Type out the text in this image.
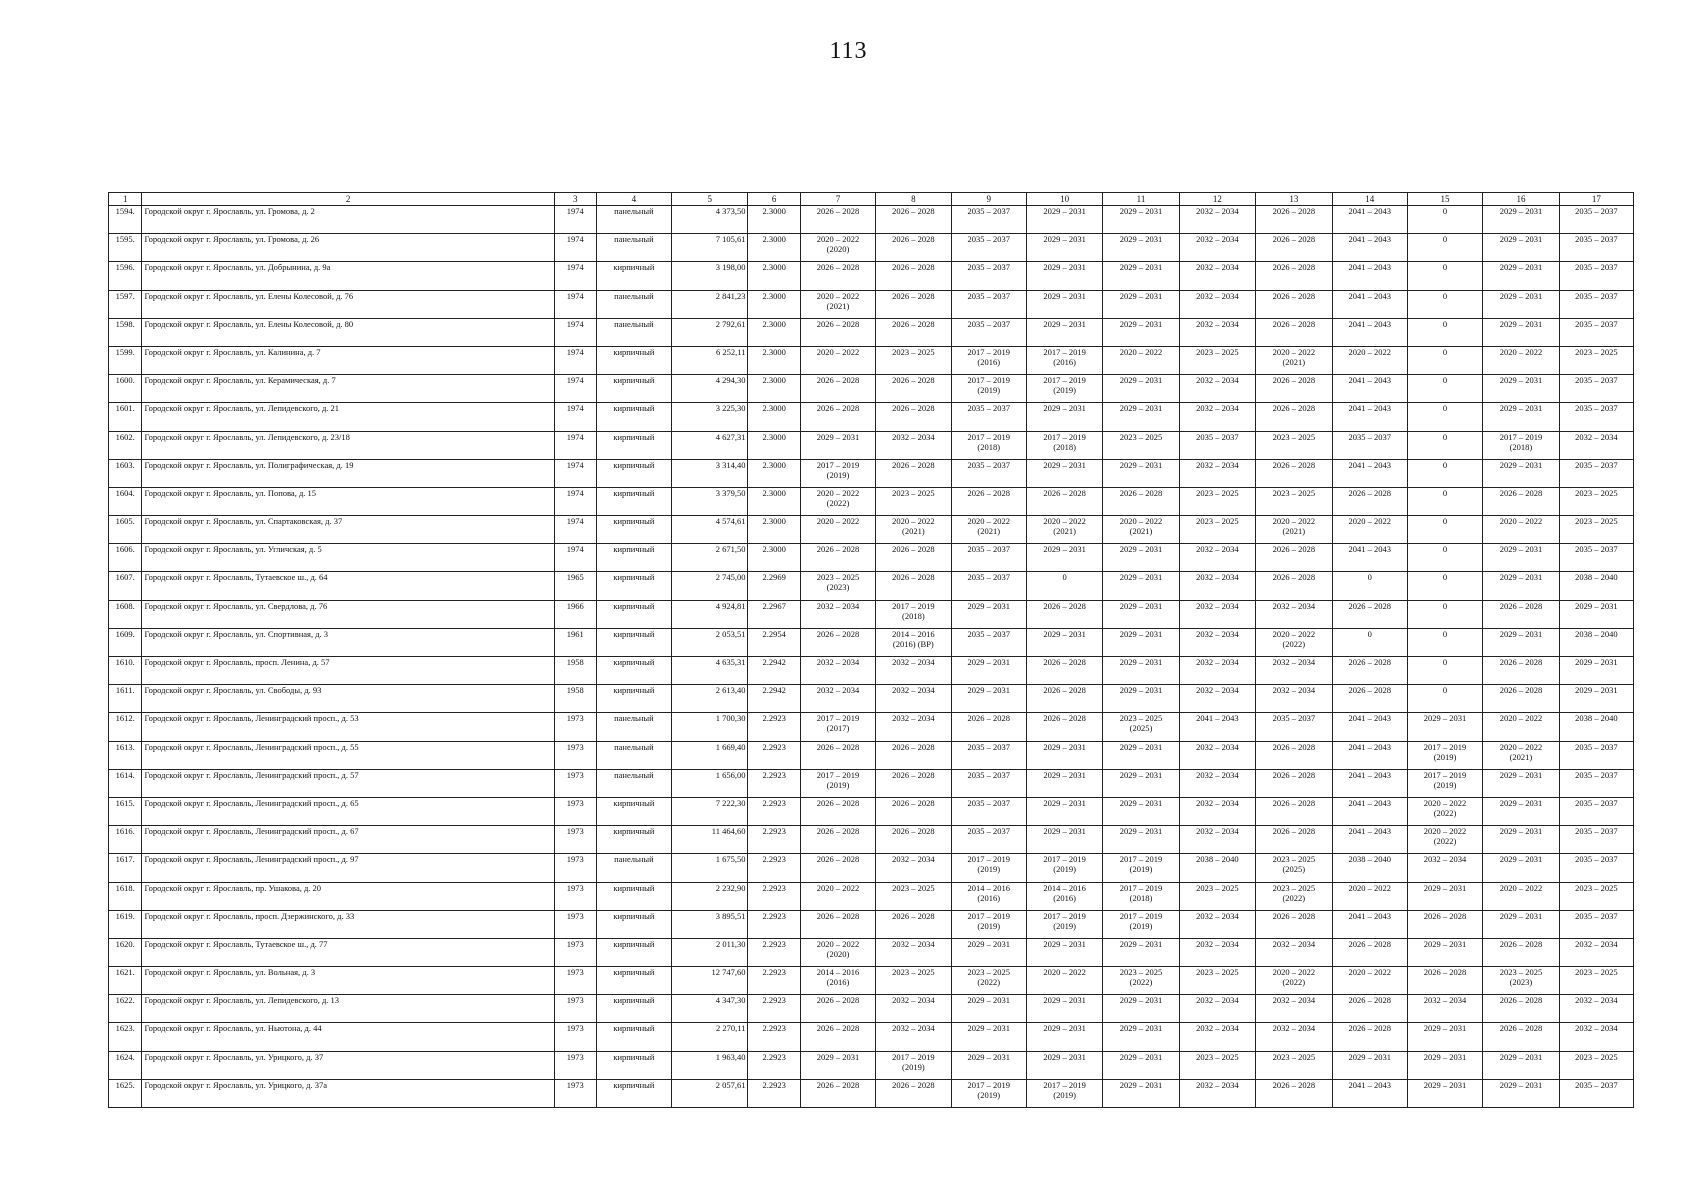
113
1	2	3	4	5	6	7	8	9	10	11	12	13	14	15	16	17
1594.	Городской округ г. Ярославль, ул. Громова, д. 2	1974	панельный	4 373,50	2.3000	2026 – 2028	2026 – 2028	2035 – 2037	2029 – 2031	2029 – 2031	2032 – 2034	2026 – 2028	2041 – 2043	0	2029 – 2031	2035 – 2037
1595.	Городской округ г. Ярославль, ул. Громова, д. 26	1974	панельный	7 105,61	2.3000	2020 – 2022
(2020)	2026 – 2028	2035 – 2037	2029 – 2031	2029 – 2031	2032 – 2034	2026 – 2028	2041 – 2043	0	2029 – 2031	2035 – 2037
1596.	Городской округ г. Ярославль, ул. Добрынина, д. 9а	1974	кирпичный	3 198,00	2.3000	2026 – 2028	2026 – 2028	2035 – 2037	2029 – 2031	2029 – 2031	2032 – 2034	2026 – 2028	2041 – 2043	0	2029 – 2031	2035 – 2037
1597.	Городской округ г. Ярославль, ул. Елены Колесовой, д. 76	1974	панельный	2 841,23	2.3000	2020 – 2022
(2021)	2026 – 2028	2035 – 2037	2029 – 2031	2029 – 2031	2032 – 2034	2026 – 2028	2041 – 2043	0	2029 – 2031	2035 – 2037
1598.	Городской округ г. Ярославль, ул. Елены Колесовой, д. 80	1974	панельный	2 792,61	2.3000	2026 – 2028	2026 – 2028	2035 – 2037	2029 – 2031	2029 – 2031	2032 – 2034	2026 – 2028	2041 – 2043	0	2029 – 2031	2035 – 2037
1599.	Городской округ г. Ярославль, ул. Калинина, д. 7	1974	кирпичный	6 252,11	2.3000	2020 – 2022	2023 – 2025	2017 – 2019
(2016)	2017 – 2019
(2016)	2020 – 2022	2023 – 2025	2020 – 2022
(2021)	2020 – 2022	0	2020 – 2022	2023 – 2025
1600.	Городской округ г. Ярославль, ул. Керамическая, д. 7	1974	кирпичный	4 294,30	2.3000	2026 – 2028	2026 – 2028	2017 – 2019
(2019)	2017 – 2019
(2019)	2029 – 2031	2032 – 2034	2026 – 2028	2041 – 2043	0	2029 – 2031	2035 – 2037
1601.	Городской округ г. Ярославль, ул. Лепидевского, д. 21	1974	кирпичный	3 225,30	2.3000	2026 – 2028	2026 – 2028	2035 – 2037	2029 – 2031	2029 – 2031	2032 – 2034	2026 – 2028	2041 – 2043	0	2029 – 2031	2035 – 2037
1602.	Городской округ г. Ярославль, ул. Лепидевского, д. 23/18	1974	кирпичный	4 627,31	2.3000	2029 – 2031	2032 – 2034	2017 – 2019
(2018)	2017 – 2019
(2018)	2023 – 2025	2035 – 2037	2023 – 2025	2035 – 2037	0	2017 – 2019
(2018)	2032 – 2034
1603.	Городской округ г. Ярославль, ул. Полиграфическая, д. 19	1974	кирпичный	3 314,40	2.3000	2017 – 2019
(2019)	2026 – 2028	2035 – 2037	2029 – 2031	2029 – 2031	2032 – 2034	2026 – 2028	2041 – 2043	0	2029 – 2031	2035 – 2037
1604.	Городской округ г. Ярославль, ул. Попова, д. 15	1974	кирпичный	3 379,50	2.3000	2020 – 2022
(2022)	2023 – 2025	2026 – 2028	2026 – 2028	2026 – 2028	2023 – 2025	2023 – 2025	2026 – 2028	0	2026 – 2028	2023 – 2025
1605.	Городской округ г. Ярославль, ул. Спартаковская, д. 37	1974	кирпичный	4 574,61	2.3000	2020 – 2022	2020 – 2022
(2021)	2020 – 2022
(2021)	2020 – 2022
(2021)	2020 – 2022
(2021)	2023 – 2025	2020 – 2022
(2021)	2020 – 2022	0	2020 – 2022	2023 – 2025
1606.	Городской округ г. Ярославль, ул. Угличская, д. 5	1974	кирпичный	2 671,50	2.3000	2026 – 2028	2026 – 2028	2035 – 2037	2029 – 2031	2029 – 2031	2032 – 2034	2026 – 2028	2041 – 2043	0	2029 – 2031	2035 – 2037
1607.	Городской округ г. Ярославль, Тутаевское ш., д. 64	1965	кирпичный	2 745,00	2.2969	2023 – 2025
(2023)	2026 – 2028	2035 – 2037	0	2029 – 2031	2032 – 2034	2026 – 2028	0	0	2029 – 2031	2038 – 2040
1608.	Городской округ г. Ярославль, ул. Свердлова, д. 76	1966	кирпичный	4 924,81	2.2967	2032 – 2034	2017 – 2019
(2018)	2029 – 2031	2026 – 2028	2029 – 2031	2032 – 2034	2032 – 2034	2026 – 2028	0	2026 – 2028	2029 – 2031
1609.	Городской округ г. Ярославль, ул. Спортивная, д. 3	1961	кирпичный	2 053,51	2.2954	2026 – 2028	2014 – 2016
(2016) (ВР)	2035 – 2037	2029 – 2031	2029 – 2031	2032 – 2034	2020 – 2022
(2022)	0	0	2029 – 2031	2038 – 2040
1610.	Городской округ г. Ярославль, просп. Ленина, д. 57	1958	кирпичный	4 635,31	2.2942	2032 – 2034	2032 – 2034	2029 – 2031	2026 – 2028	2029 – 2031	2032 – 2034	2032 – 2034	2026 – 2028	0	2026 – 2028	2029 – 2031
1611.	Городской округ г. Ярославль, ул. Свободы, д. 93	1958	кирпичный	2 613,40	2.2942	2032 – 2034	2032 – 2034	2029 – 2031	2026 – 2028	2029 – 2031	2032 – 2034	2032 – 2034	2026 – 2028	0	2026 – 2028	2029 – 2031
1612.	Городской округ г. Ярославль, Ленинградский просп., д. 53	1973	панельный	1 700,30	2.2923	2017 – 2019
(2017)	2032 – 2034	2026 – 2028	2026 – 2028	2023 – 2025
(2025)	2041 – 2043	2035 – 2037	2041 – 2043	2029 – 2031	2020 – 2022	2038 – 2040
1613.	Городской округ г. Ярославль, Ленинградский просп., д. 55	1973	панельный	1 669,40	2.2923	2026 – 2028	2026 – 2028	2035 – 2037	2029 – 2031	2029 – 2031	2032 – 2034	2026 – 2028	2041 – 2043	2017 – 2019
(2019)	2020 – 2022
(2021)	2035 – 2037
1614.	Городской округ г. Ярославль, Ленинградский просп., д. 57	1973	панельный	1 656,00	2.2923	2017 – 2019
(2019)	2026 – 2028	2035 – 2037	2029 – 2031	2029 – 2031	2032 – 2034	2026 – 2028	2041 – 2043	2017 – 2019
(2019)	2029 – 2031	2035 – 2037
1615.	Городской округ г. Ярославль, Ленинградский просп., д. 65	1973	кирпичный	7 222,30	2.2923	2026 – 2028	2026 – 2028	2035 – 2037	2029 – 2031	2029 – 2031	2032 – 2034	2026 – 2028	2041 – 2043	2020 – 2022
(2022)	2029 – 2031	2035 – 2037
1616.	Городской округ г. Ярославль, Ленинградский просп., д. 67	1973	кирпичный	11 464,60	2.2923	2026 – 2028	2026 – 2028	2035 – 2037	2029 – 2031	2029 – 2031	2032 – 2034	2026 – 2028	2041 – 2043	2020 – 2022
(2022)	2029 – 2031	2035 – 2037
1617.	Городской округ г. Ярославль, Ленинградский просп., д. 97	1973	панельный	1 675,50	2.2923	2026 – 2028	2032 – 2034	2017 – 2019
(2019)	2017 – 2019
(2019)	2017 – 2019
(2019)	2038 – 2040	2023 – 2025
(2025)	2038 – 2040	2032 – 2034	2029 – 2031	2035 – 2037
1618.	Городской округ г. Ярославль, пр. Ушакова, д. 20	1973	кирпичный	2 232,90	2.2923	2020 – 2022	2023 – 2025	2014 – 2016
(2016)	2014 – 2016
(2016)	2017 – 2019
(2018)	2023 – 2025	2023 – 2025
(2022)	2020 – 2022	2029 – 2031	2020 – 2022	2023 – 2025
1619.	Городской округ г. Ярославль, просп. Дзержинского, д. 33	1973	кирпичный	3 895,51	2.2923	2026 – 2028	2026 – 2028	2017 – 2019
(2019)	2017 – 2019
(2019)	2017 – 2019
(2019)	2032 – 2034	2026 – 2028	2041 – 2043	2026 – 2028	2029 – 2031	2035 – 2037
1620.	Городской округ г. Ярославль, Тутаевское ш., д. 77	1973	кирпичный	2 011,30	2.2923	2020 – 2022
(2020)	2032 – 2034	2029 – 2031	2029 – 2031	2029 – 2031	2032 – 2034	2032 – 2034	2026 – 2028	2029 – 2031	2026 – 2028	2032 – 2034
1621.	Городской округ г. Ярославль, ул. Вольная, д. 3	1973	кирпичный	12 747,60	2.2923	2014 – 2016
(2016)	2023 – 2025	2023 – 2025
(2022)	2020 – 2022	2023 – 2025
(2022)	2023 – 2025	2020 – 2022
(2022)	2020 – 2022	2026 – 2028	2023 – 2025
(2023)	2023 – 2025
1622.	Городской округ г. Ярославль, ул. Лепидевского, д. 13	1973	кирпичный	4 347,30	2.2923	2026 – 2028	2032 – 2034	2029 – 2031	2029 – 2031	2029 – 2031	2032 – 2034	2032 – 2034	2026 – 2028	2032 – 2034	2026 – 2028	2032 – 2034
1623.	Городской округ г. Ярославль, ул. Ньютона, д. 44	1973	кирпичный	2 270,11	2.2923	2026 – 2028	2032 – 2034	2029 – 2031	2029 – 2031	2029 – 2031	2032 – 2034	2032 – 2034	2026 – 2028	2029 – 2031	2026 – 2028	2032 – 2034
1624.	Городской округ г. Ярославль, ул. Урицкого, д. 37	1973	кирпичный	1 963,40	2.2923	2029 – 2031	2017 – 2019
(2019)	2029 – 2031	2029 – 2031	2029 – 2031	2023 – 2025	2023 – 2025	2029 – 2031	2029 – 2031	2029 – 2031	2023 – 2025
1625.	Городской округ г. Ярославль, ул. Урицкого, д. 37а	1973	кирпичный	2 057,61	2.2923	2026 – 2028	2026 – 2028	2017 – 2019
(2019)	2017 – 2019
(2019)	2029 – 2031	2032 – 2034	2026 – 2028	2041 – 2043	2029 – 2031	2029 – 2031	2035 – 2037
